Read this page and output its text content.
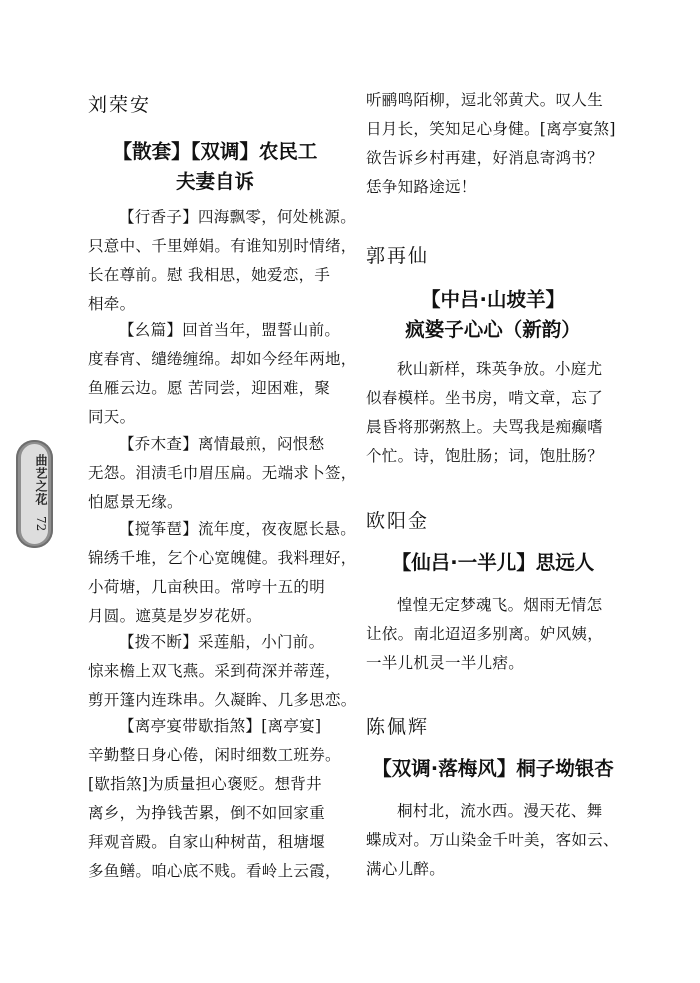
刘荣安
【散套】【双调】农民工
夫妻自诉
【行香子】四海飘零，何处桃源。
只意中、千里婵娟。有谁知别时情绪，
长在尊前。慰 我相思，她爱恋，手
相牵。
【幺篇】回首当年，盟誓山前。
度春宵、缱绻缠绵。却如今经年两地，
鱼雁云边。愿 苦同尝，迎困难，聚
同天。
【乔木查】离情最煎，闷恨愁
无怨。泪渍毛巾眉压扁。无端求卜签，
怕愿景无缘。
【搅筝琶】流年度，夜夜愿长悬。
锦绣千堆，乞个心宽魄健。我料理好，
小荷塘，几亩秧田。常哼十五的明
月圆。遮莫是岁岁花妍。
【拨不断】采莲船，小门前。
惊来檐上双飞燕。采到荷深并蒂莲，
剪开篷内连珠串。久凝眸、几多思恋。
【离亭宴带歇指煞】[离亭宴]
辛勤整日身心倦，闲时细数工班券。
[歇指煞]为质量担心褒贬。想背井
离乡，为挣钱苦累，倒不如回家重
拜观音殿。自家山种树苗，租塘堰
多鱼鳝。咱心底不贱。看岭上云霞，
听鹂鸣陌柳，逗北邻黄犬。叹人生
日月长，笑知足心身健。[离亭宴煞]
欲告诉乡村再建，好消息寄鸿书？
恁争知路途远！
郭再仙
【中吕·山坡羊】
疯婆子心心（新韵）
秋山新样，珠英争放。小庭尤
似春模样。坐书房，啃文章，忘了
晨昏将那粥熬上。夫骂我是痴癫嗜
个忙。诗，饱肚肠；词，饱肚肠？
欧阳金
【仙吕·一半儿】思远人
惶惶无定梦魂飞。烟雨无情怎
让依。南北迢迢多别离。妒风姨，
一半儿机灵一半儿痞。
陈佩辉
【双调·落梅风】桐子坳银杏
桐村北，流水西。漫天花、舞
蝶成对。万山染金千叶美，客如云、
满心儿醉。
曲艺之花
72
